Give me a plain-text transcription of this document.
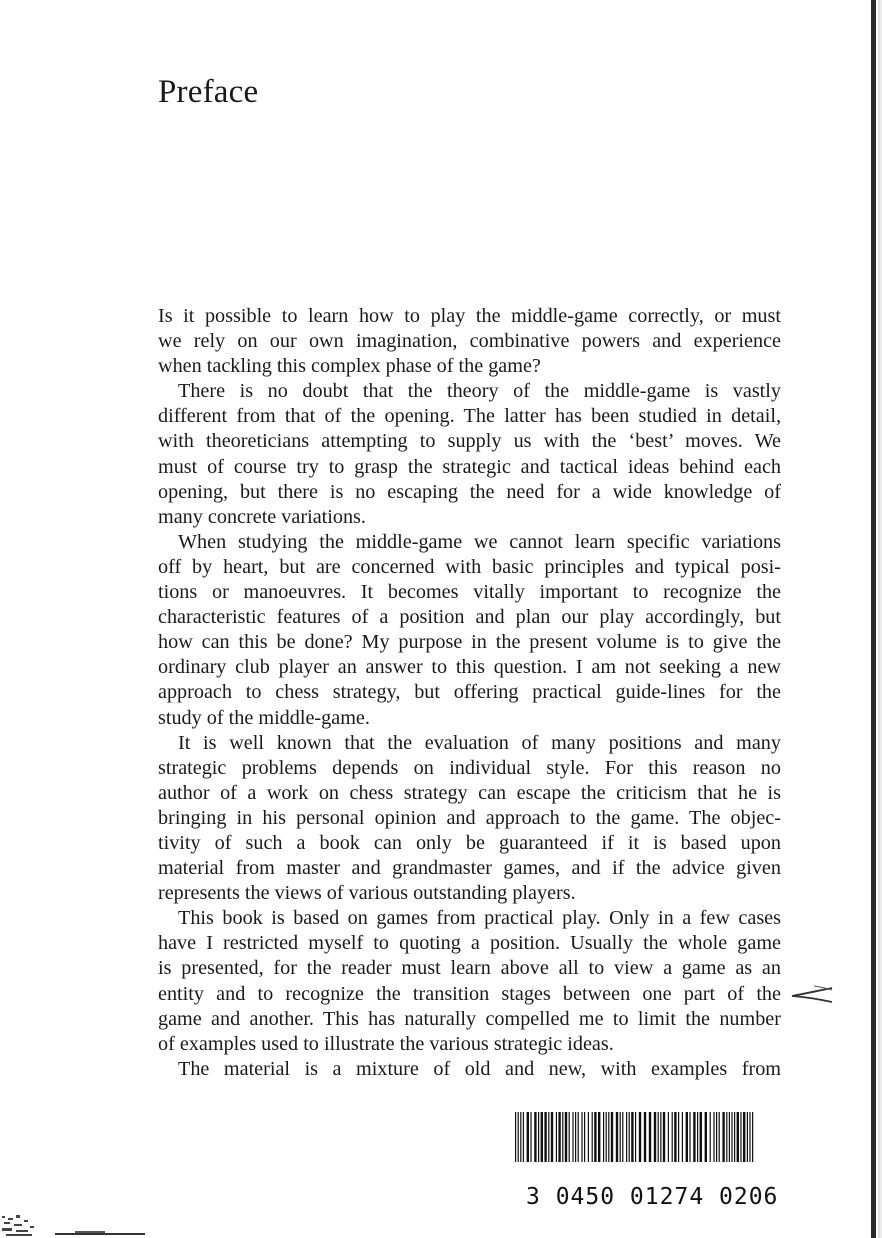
Preface

Is it possible to learn how to play the middle-game correctly, or must

we rely on our own imagination, combinative powers and experience

when tackling this complex phase of the game?

There is no doubt that the theory of the middle-game is vastly

different from that of the opening. The latter has been studied in detail,

with theoreticians attempting to supply us with the ‘best’ moves. We

must of course try to grasp the strategic and tactical ideas behind each

opening, but there is no escaping the need for a wide knowledge of

many concrete variations.

When studying the middle-game we cannot learn specific variations

off by heart, but are concerned with basic principles and typical posi-

tions or manoeuvres. It becomes vitally important to recognize the

characteristic features of a position and plan our play accordingly, but

how can this be done? My purpose in the present volume is to give the

ordinary club player an answer to this question. I am not seeking a new

approach to chess strategy, but offering practical guide-lines for the

study of the middle-game.

It is well known that the evaluation of many positions and many

strategic problems depends on individual style. For this reason no

author of a work on chess strategy can escape the criticism that he is

bringing in his personal opinion and approach to the game. The objec-

tivity of such a book can only be guaranteed if it is based upon

material from master and grandmaster games, and if the advice given

represents the views of various outstanding players.

This book is based on games from practical play. Only in a few cases

have I restricted myself to quoting a position. Usually the whole game

is presented, for the reader must learn above all to view a game as an

entity and to recognize the transition stages between one part of the

game and another. This has naturally compelled me to limit the number

of examples used to illustrate the various strategic ideas.

The material is a mixture of old and new, with examples from

3 0450 01274 0206
